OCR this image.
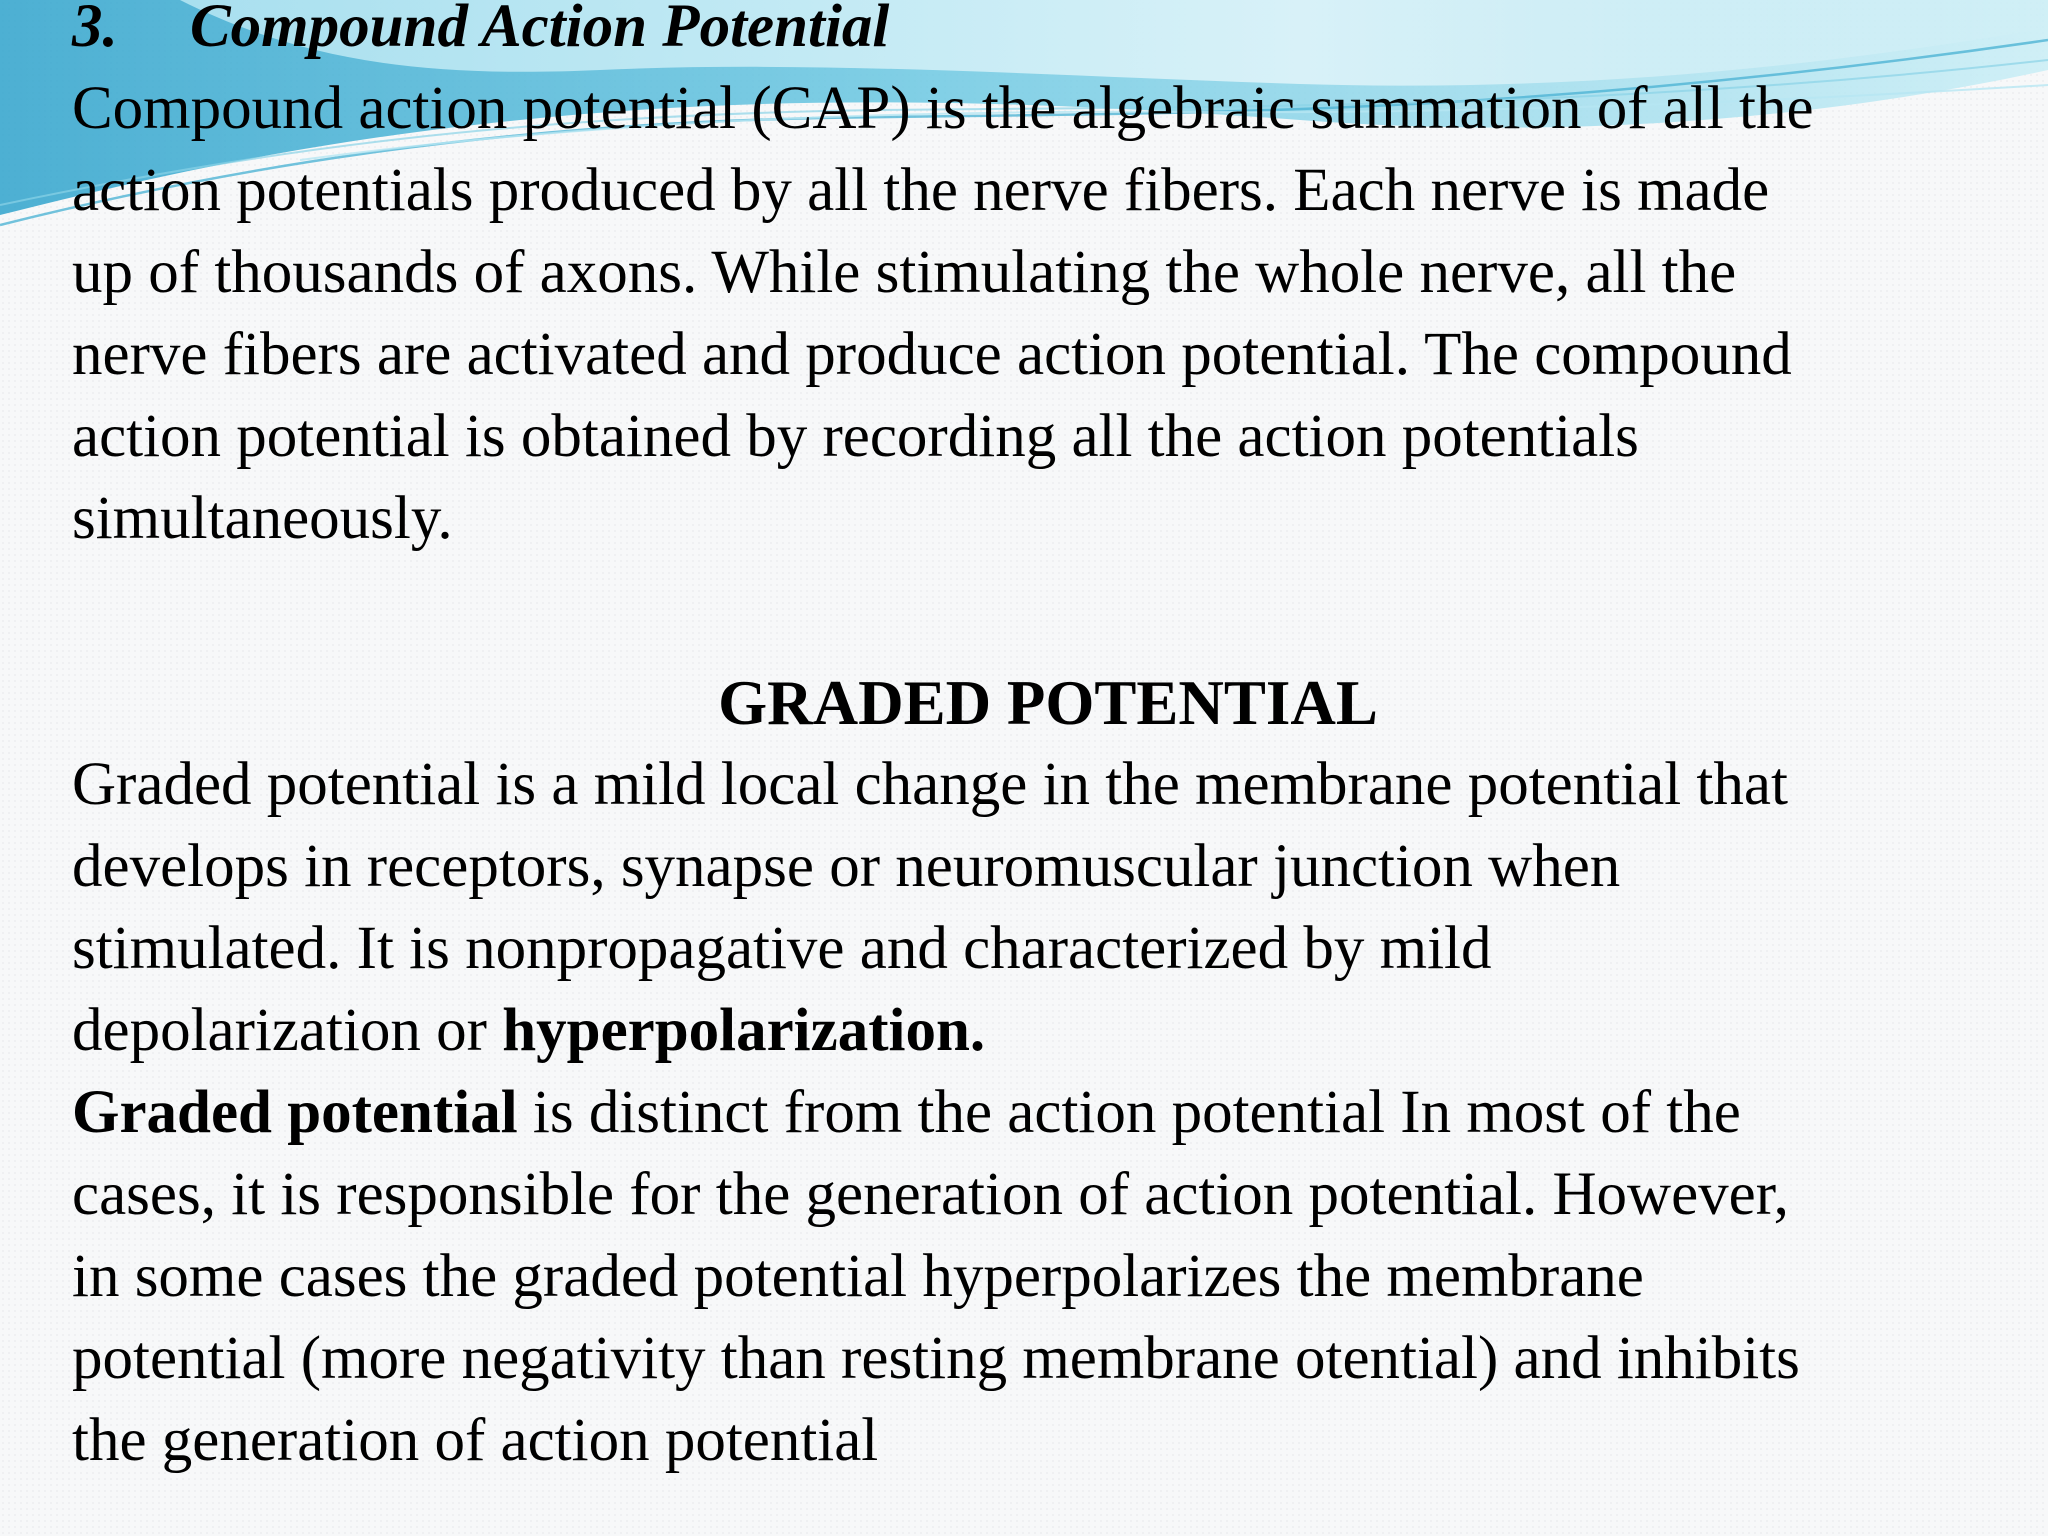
3. Compound Action Potential
Compound action potential (CAP) is the algebraic summation of all the
action potentials produced by all the nerve fibers. Each nerve is made
up of thousands of axons. While stimulating the whole nerve, all the
nerve fibers are activated and produce action potential. The compound
action potential is obtained by recording all the action potentials
simultaneously.
GRADED POTENTIAL
Graded potential is a mild local change in the membrane potential that
develops in receptors, synapse or neuromuscular junction when
stimulated. It is nonpropagative and characterized by mild
depolarization or hyperpolarization.
Graded potential is distinct from the action potential In most of the
cases, it is responsible for the generation of action potential. However,
in some cases the graded potential hyperpolarizes the membrane
potential (more negativity than resting membrane otential) and inhibits
the generation of action potential
